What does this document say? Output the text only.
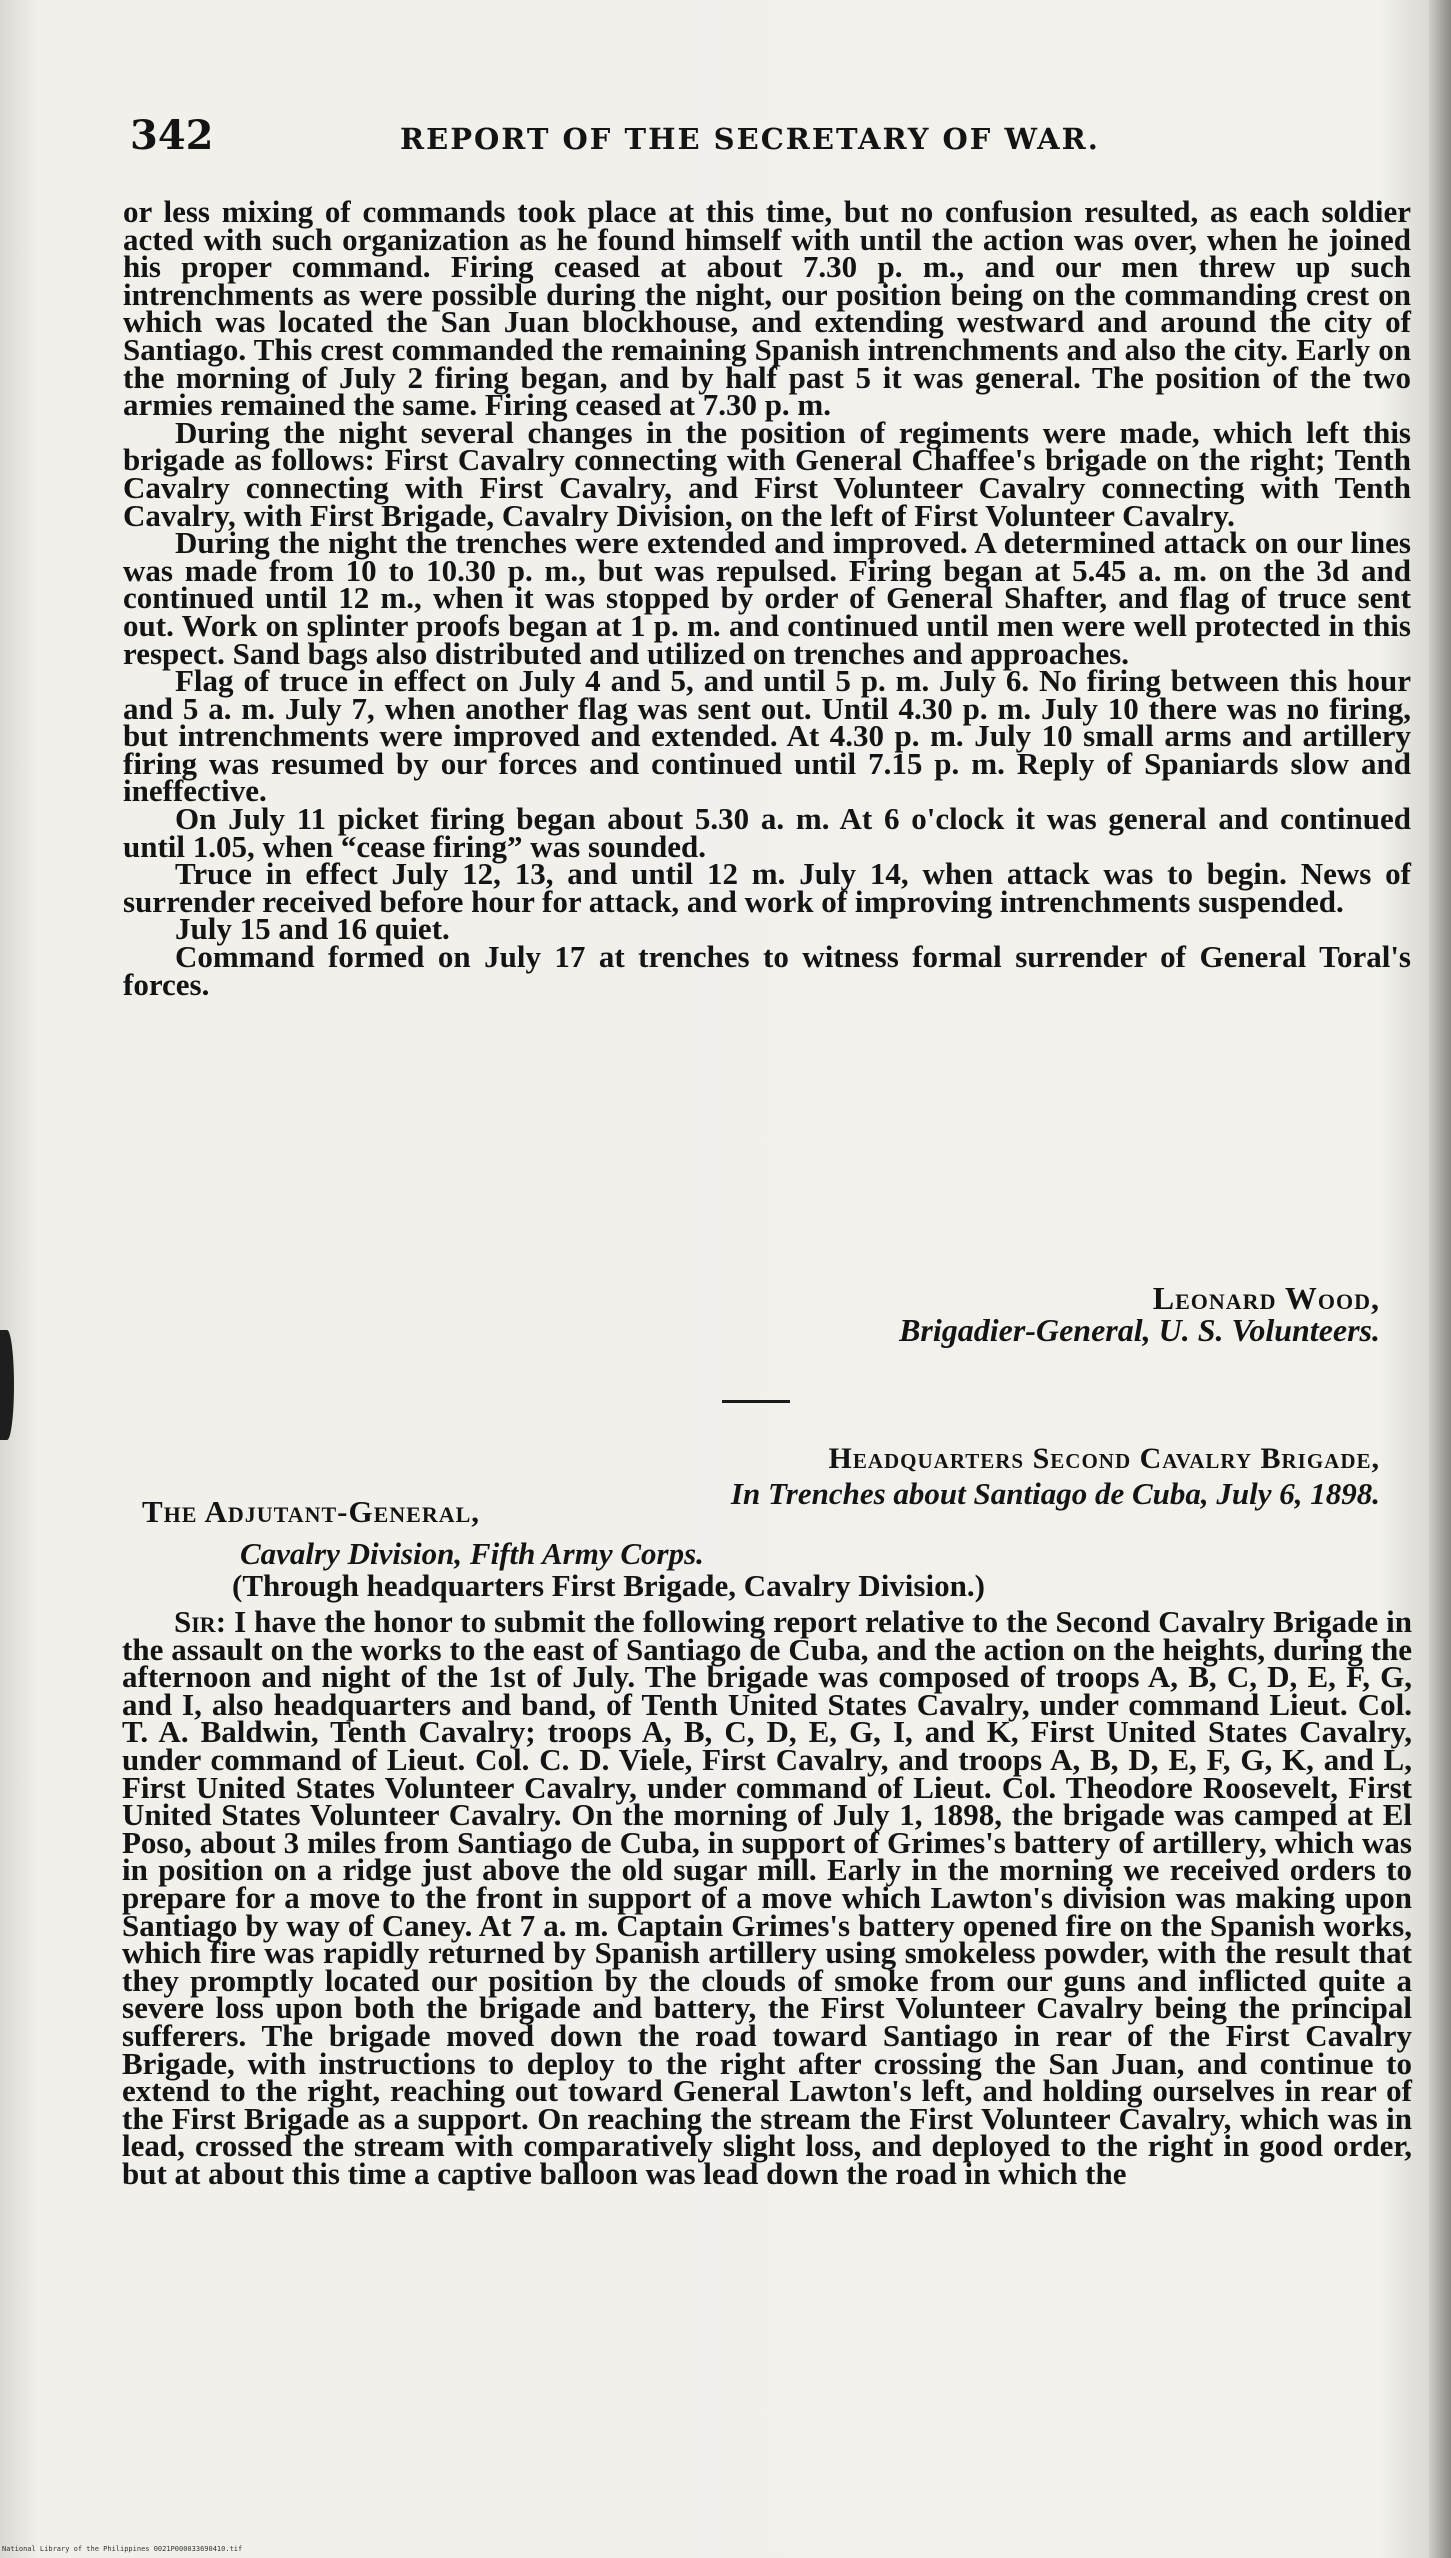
342	REPORT OF THE SECRETARY OF WAR.

or less mixing of commands took place at this time, but no confusion resulted, as each soldier acted with such organization as he found himself with until the action was over, when he joined his proper command. Firing ceased at about 7.30 p. m., and our men threw up such intrenchments as were possible during the night, our position being on the commanding crest on which was located the San Juan blockhouse, and extending westward and around the city of Santiago. This crest commanded the remaining Spanish intrenchments and also the city. Early on the morning of July 2 firing began, and by half past 5 it was general. The position of the two armies remained the same. Firing ceased at 7.30 p. m.

During the night several changes in the position of regiments were made, which left this brigade as follows: First Cavalry connecting with General Chaffee's brigade on the right; Tenth Cavalry connecting with First Cavalry, and First Volunteer Cavalry connecting with Tenth Cavalry, with First Brigade, Cavalry Division, on the left of First Volunteer Cavalry.

During the night the trenches were extended and improved. A determined attack on our lines was made from 10 to 10.30 p. m., but was repulsed. Firing began at 5.45 a. m. on the 3d and continued until 12 m., when it was stopped by order of General Shafter, and flag of truce sent out. Work on splinter proofs began at 1 p. m. and continued until men were well protected in this respect. Sand bags also distributed and utilized on trenches and approaches.

Flag of truce in effect on July 4 and 5, and until 5 p. m. July 6. No firing between this hour and 5 a. m. July 7, when another flag was sent out. Until 4.30 p. m. July 10 there was no firing, but intrenchments were improved and extended. At 4.30 p. m. July 10 small arms and artillery firing was resumed by our forces and continued until 7.15 p. m. Reply of Spaniards slow and ineffective.

On July 11 picket firing began about 5.30 a. m. At 6 o'clock it was general and continued until 1.05, when “cease firing” was sounded.

Truce in effect July 12, 13, and until 12 m. July 14, when attack was to begin. News of surrender received before hour for attack, and work of improving intrenchments suspended.

July 15 and 16 quiet.

Command formed on July 17 at trenches to witness formal surrender of General Toral's forces.

Leonard Wood,
Brigadier-General, U. S. Volunteers.
Headquarters Second Cavalry Brigade,
In Trenches about Santiago de Cuba, July 6, 1898.
The Adjutant-General,
Cavalry Division, Fifth Army Corps.
(Through headquarters First Brigade, Cavalry Division.)

Sir: I have the honor to submit the following report relative to the Second Cavalry Brigade in the assault on the works to the east of Santiago de Cuba, and the action on the heights, during the afternoon and night of the 1st of July. The brigade was composed of troops A, B, C, D, E, F, G, and I, also headquarters and band, of Tenth United States Cavalry, under command Lieut. Col. T. A. Baldwin, Tenth Cavalry; troops A, B, C, D, E, G, I, and K, First United States Cavalry, under command of Lieut. Col. C. D. Viele, First Cavalry, and troops A, B, D, E, F, G, K, and L, First United States Volunteer Cavalry, under command of Lieut. Col. Theodore Roosevelt, First United States Volunteer Cavalry. On the morning of July 1, 1898, the brigade was camped at El Poso, about 3 miles from Santiago de Cuba, in support of Grimes's battery of artillery, which was in position on a ridge just above the old sugar mill. Early in the morning we received orders to prepare for a move to the front in support of a move which Lawton's division was making upon Santiago by way of Caney. At 7 a. m. Captain Grimes's battery opened fire on the Spanish works, which fire was rapidly returned by Spanish artillery using smokeless powder, with the result that they promptly located our position by the clouds of smoke from our guns and inflicted quite a severe loss upon both the brigade and battery, the First Volunteer Cavalry being the principal sufferers. The brigade moved down the road toward Santiago in rear of the First Cavalry Brigade, with instructions to deploy to the right after crossing the San Juan, and continue to extend to the right, reaching out toward General Lawton's left, and holding ourselves in rear of the First Brigade as a support. On reaching the stream the First Volunteer Cavalry, which was in lead, crossed the stream with comparatively slight loss, and deployed to the right in good order, but at about this time a captive balloon was lead down the road in which the

National Library of the Philippines 0021P000033690410.tif
